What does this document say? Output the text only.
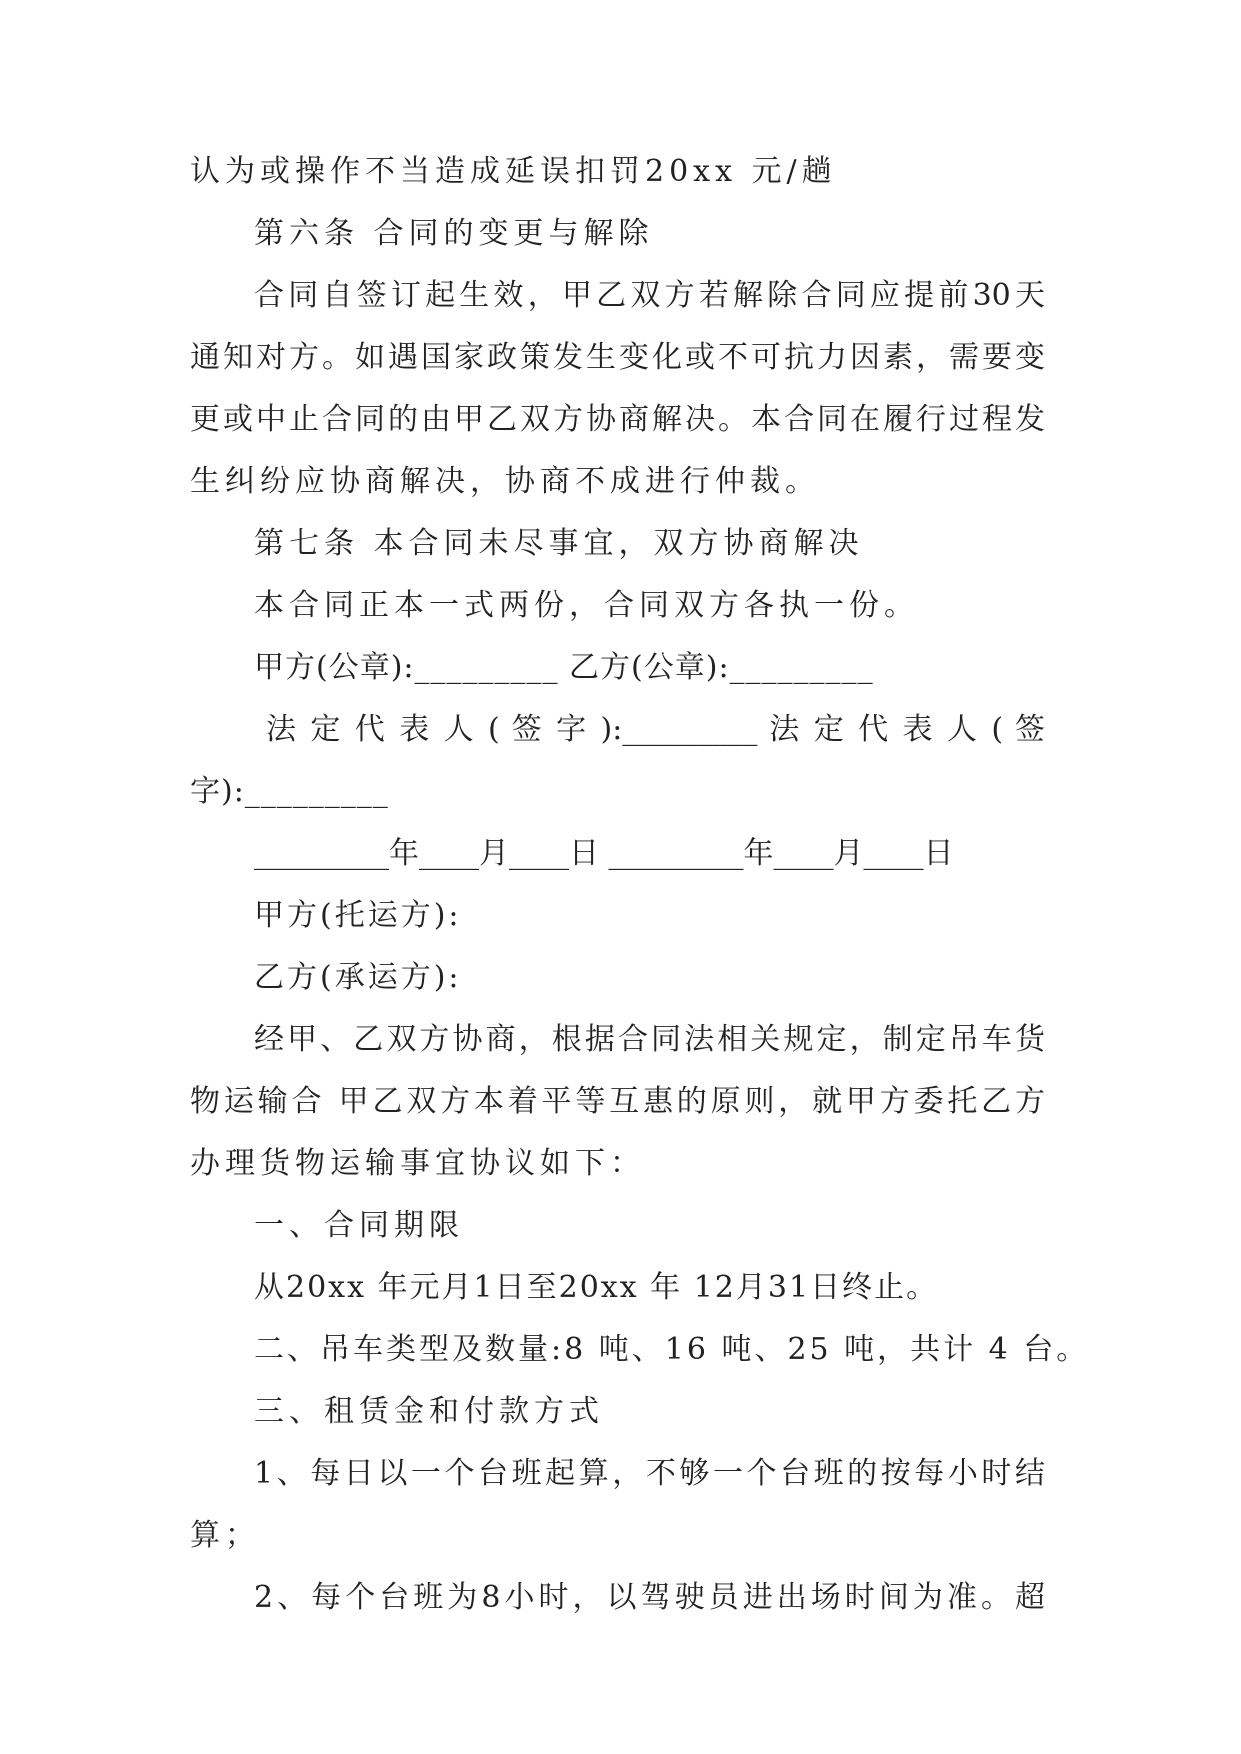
认为或操作不当造成延误扣罚20xx 元/趟
第六条 合同的变更与解除
合同自签订起生效，甲乙双方若解除合同应提前30天
通知对方。如遇国家政策发生变化或不可抗力因素，需要变
更或中止合同的由甲乙双方协商解决。本合同在履行过程发
生纠纷应协商解决，协商不成进行仲裁。
第七条 本合同未尽事宜，双方协商解决
本合同正本一式两份，合同双方各执一份。
甲方(公章):_________ 乙方(公章):_________
法 定 代 表 人 ( 签 字 ):_________ 法 定 代 表 人 ( 签
字):_________
_________年____月____日 _________年____月____日
甲方(托运方):
乙方(承运方):
经甲、乙双方协商，根据合同法相关规定，制定吊车货
物运输合 甲乙双方本着平等互惠的原则，就甲方委托乙方
办理货物运输事宜协议如下：
一、合同期限
从20xx 年元月1日至20xx 年 12月31日终止。
二、吊车类型及数量:8 吨、16 吨、25 吨，共计 4 台。
三、租赁金和付款方式
1、每日以一个台班起算，不够一个台班的按每小时结
算；
2、每个台班为8小时，以驾驶员进出场时间为准。超
